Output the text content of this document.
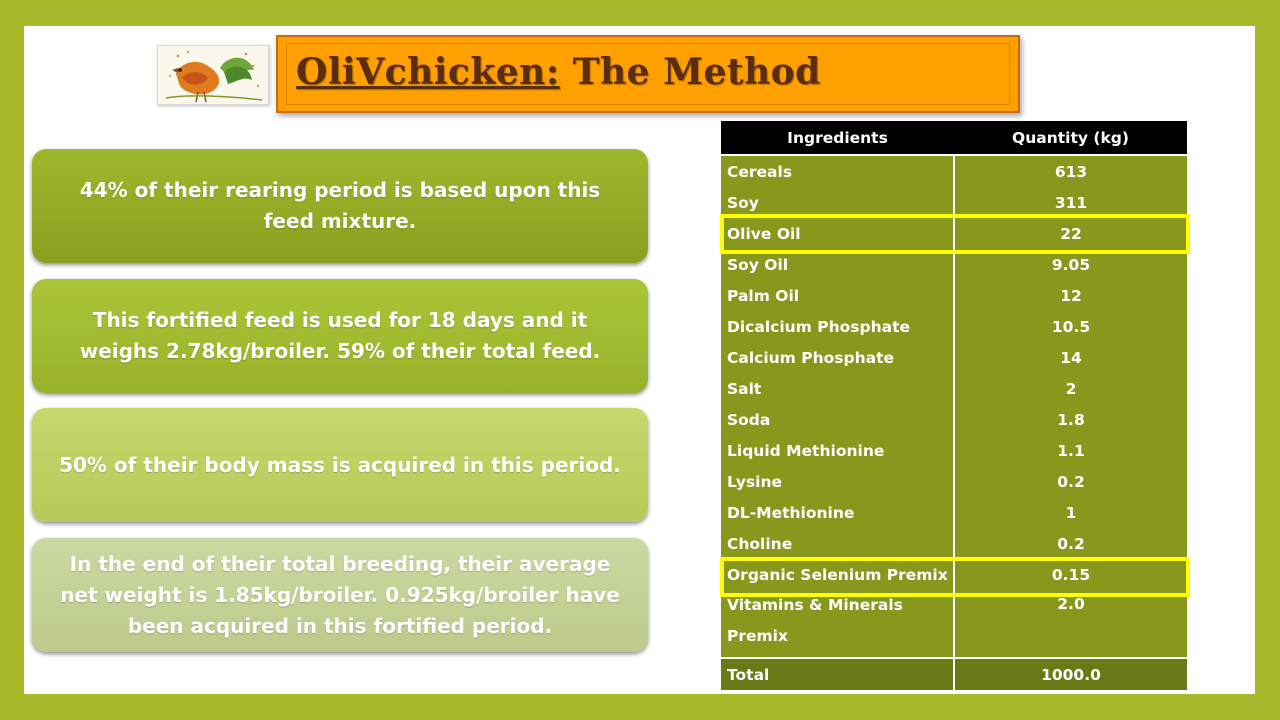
OliVchicken: The Method
44% of their rearing period is based upon this feed mixture.
This fortified feed is used for 18 days and it weighs 2.78kg/broiler. 59% of their total feed.
50% of their body mass is acquired in this period.
In the end of their total breeding, their average net weight is 1.85kg/broiler. 0.925kg/broiler have been acquired in this fortified period.
Ingredients	Quantity (kg)
Cereals	613
Soy	311
Olive Oil	22
Soy Oil	9.05
Palm Oil	12
Dicalcium Phosphate	10.5
Calcium Phosphate	14
Salt	2
Soda	1.8
Liquid Methionine	1.1
Lysine	0.2
DL-Methionine	1
Choline	0.2
Organic Selenium Premix	0.15
Vitamins & Minerals Premix	2.0
Total	1000.0
